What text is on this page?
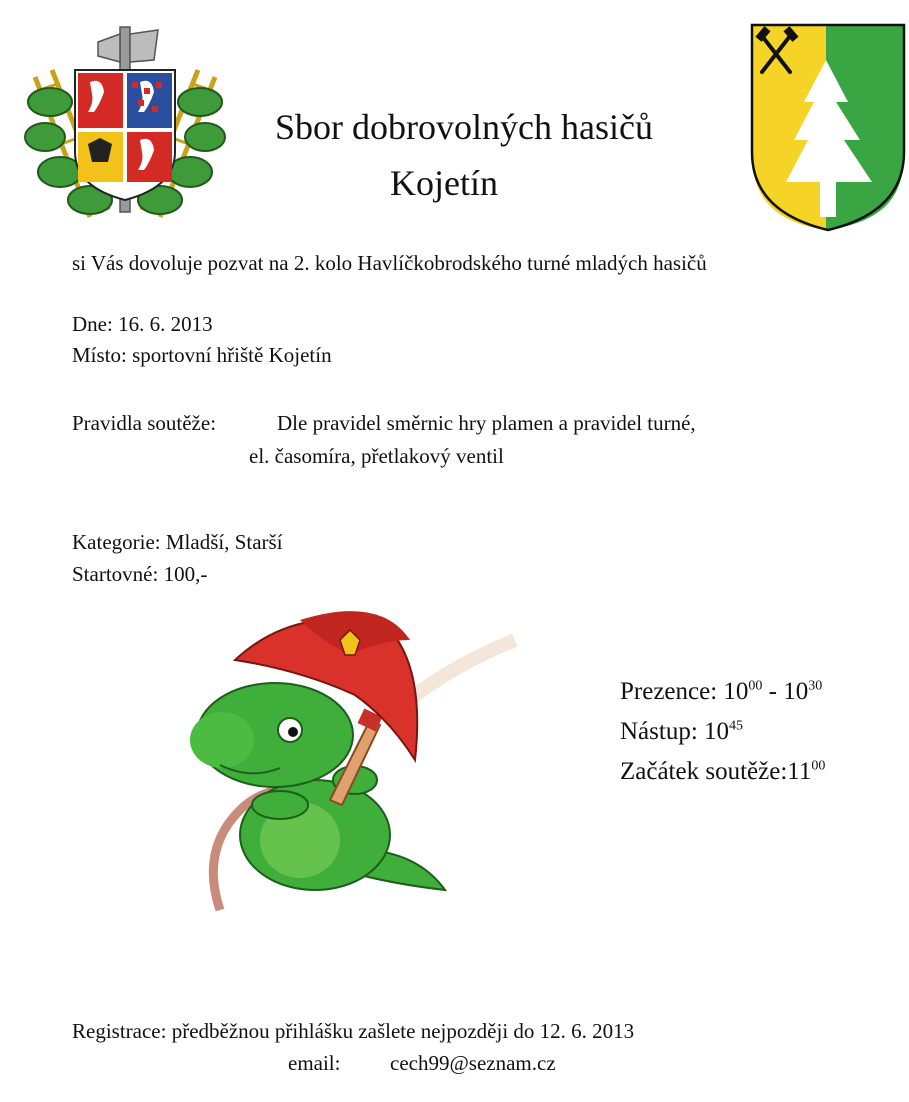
Sbor dobrovolných hasičů
Kojetín
si Vás dovoluje pozvat na 2. kolo Havlíčkobrodského turné mladých hasičů
Dne: 16. 6. 2013
Místo: sportovní hřiště Kojetín
Pravidla soutěže:	Dle pravidel směrnic hry plamen a pravidel turné,
el. časomíra, přetlakový ventil
Kategorie: Mladší, Starší
Startovné: 100,-
Prezence: $10^{00} - 10^{30}$
Nástup: $10^{45}$
Začátek $soutěže:11^{00}$
Registrace: předběžnou přihlášku zašlete nejpozději do 12. 6. 2013
email: cech99@seznam.cz
